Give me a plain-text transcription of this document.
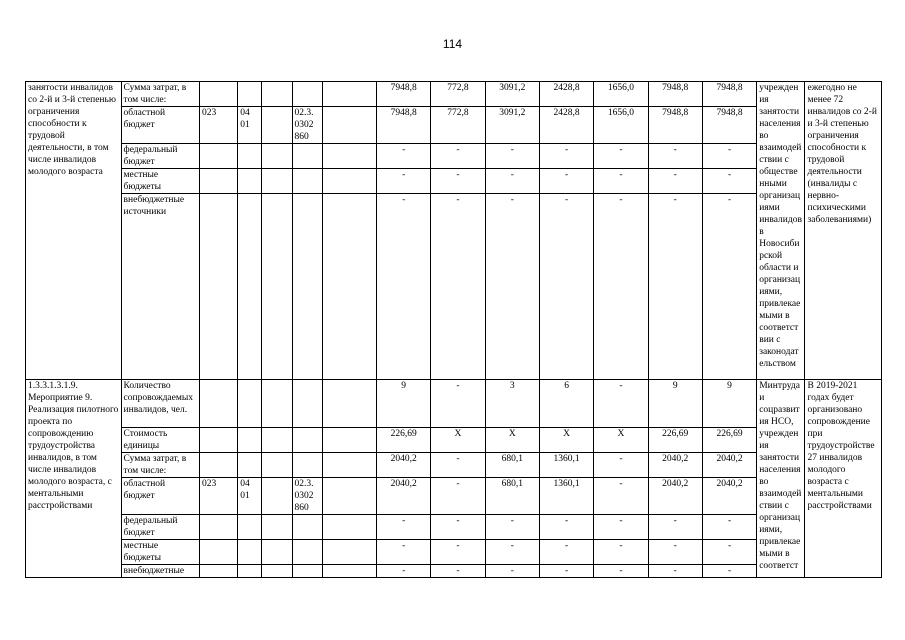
114
занятости инвалидов со 2-й и 3-й степенью ограничения способности к трудовой деятельности, в том числе инвалидов молодого возраста	Сумма затрат, в том числе:						7948,8	772,8	3091,2	2428,8	1656,0	7948,8	7948,8	учреждения занятости населения во взаимодействии с общественными организациями инвалидов в Новосибирской области и организациями, привлекаемыми в соответствии с законодательством	ежегодно не менее 72 инвалидов со 2-й и 3-й степенью ограничения способности к трудовой деятельности (инвалиды с нервно-психическими заболеваниями)
	областной бюджет	023	04 01		02.3. 0302 860		7948,8	772,8	3091,2	2428,8	1656,0	7948,8	7948,8		
	федеральный бюджет						-	-	-	-	-	-	-		
	местные бюджеты						-	-	-	-	-	-	-		
	внебюджетные источники						-	-	-	-	-	-	-		
1.3.3.1.3.1.9. Мероприятие 9. Реализация пилотного проекта по сопровождению трудоустройства инвалидов, в том числе инвалидов молодого возраста, с ментальными расстройствами	Количество сопровождаемых инвалидов, чел.						9	-	3	6	-	9	9	Минтруда и соцразвития НСО, учреждения занятости населения во взаимодействии с организациями, привлекаемыми в соответст	В 2019-2021 годах будет организовано сопровождение при трудоустройстве 27 инвалидов молодого возраста с ментальными расстройствами
	Стоимость единицы						226,69	Х	Х	Х	Х	226,69	226,69		
	Сумма затрат, в том числе:						2040,2	-	680,1	1360,1	-	2040,2	2040,2		
	областной бюджет	023	04 01		02.3. 0302 860		2040,2	-	680,1	1360,1	-	2040,2	2040,2		
	федеральный бюджет						-	-	-	-	-	-	-		
	местные бюджеты						-	-	-	-	-	-	-		
	внебюджетные						-	-	-	-	-	-	-		
